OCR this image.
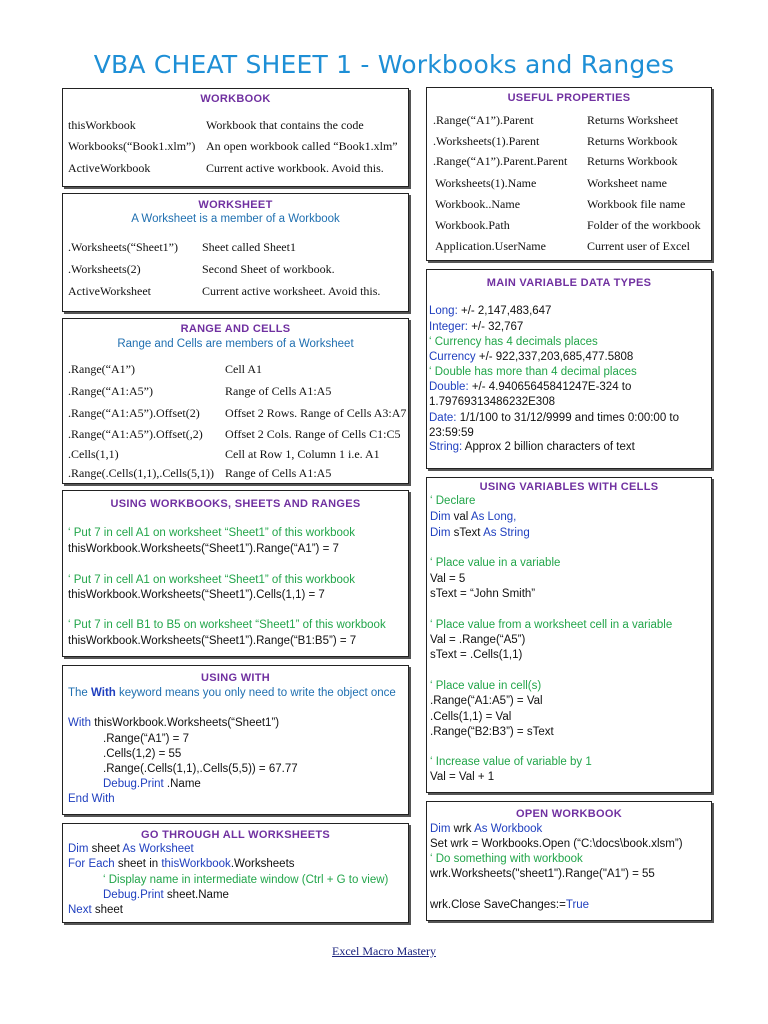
VBA CHEAT SHEET 1 - Workbooks and Ranges
WORKBOOK
thisWorkbook	Workbook that contains the code
Workbooks(“Book1.xlm”) An open workbook called “Book1.xlm”
ActiveWorkbook	Current active workbook. Avoid this.
WORKSHEET
A Worksheet is a member of a Workbook
.Worksheets(“Sheet1”) Sheet called Sheet1
.Worksheets(2)	Second Sheet of workbook.
ActiveWorksheet	Current active worksheet. Avoid this.
RANGE AND CELLS
Range and Cells are members of a Worksheet
.Range(“A1”)	Cell A1
.Range(“A1:A5”)	Range of Cells A1:A5
.Range(“A1:A5”).Offset(2) Offset 2 Rows. Range of Cells A3:A7
.Range(“A1:A5”).Offset(,2) Offset 2 Cols. Range of Cells C1:C5
.Cells(1,1)	Cell at Row 1, Column 1 i.e. A1
.Range(.Cells(1,1),.Cells(5,1)) Range of Cells A1:A5
USING WORKBOOKS, SHEETS AND RANGES
‘ Put 7 in cell A1 on worksheet “Sheet1” of this workbook
thisWorkbook.Worksheets(“Sheet1”).Range(“A1”) = 7
‘ Put 7 in cell A1 on worksheet “Sheet1” of this workbook
thisWorkbook.Worksheets(“Sheet1”).Cells(1,1) = 7
‘ Put 7 in cell B1 to B5 on worksheet “Sheet1” of this workbook
thisWorkbook.Worksheets(“Sheet1”).Range(“B1:B5”) = 7
USING WITH
The With keyword means you only need to write the object once
With thisWorkbook.Worksheets(“Sheet1”)
.Range(“A1”) = 7
.Cells(1,2) = 55
.Range(.Cells(1,1),.Cells(5,5)) = 67.77
Debug.Print .Name
End With
GO THROUGH ALL WORKSHEETS
Dim sheet As Worksheet
For Each sheet in thisWorkbook.Worksheets
‘ Display name in intermediate window (Ctrl + G to view)
Debug.Print sheet.Name
Next sheet
USEFUL PROPERTIES
.Range(“A1”).Parent	Returns Worksheet
.Worksheets(1).Parent	Returns Workbook
.Range(“A1”).Parent.Parent Returns Workbook
Worksheets(1).Name	Worksheet name
Workbook..Name	Workbook file name
Workbook.Path	Folder of the workbook
Application.UserName	Current user of Excel
MAIN VARIABLE DATA TYPES
Long: +/- 2,147,483,647
Integer: +/- 32,767
‘ Currency has 4 decimals places
Currency +/- 922,337,203,685,477.5808
‘ Double has more than 4 decimal places
Double: +/- 4.94065645841247E-324 to
1.79769313486232E308
Date: 1/1/100 to 31/12/9999 and times 0:00:00 to
23:59:59
String: Approx 2 billion characters of text
USING VARIABLES WITH CELLS
‘ Declare
Dim val As Long,
Dim sText As String
‘ Place value in a variable
Val = 5
sText = “John Smith”
‘ Place value from a worksheet cell in a variable
Val = .Range(“A5”)
sText = .Cells(1,1)
‘ Place value in cell(s)
.Range(“A1:A5”) = Val
.Cells(1,1) = Val
.Range(“B2:B3”) = sText
‘ Increase value of variable by 1
Val = Val + 1
OPEN WORKBOOK
Dim wrk As Workbook
Set wrk = Workbooks.Open (“C:\docs\book.xlsm”)
‘ Do something with workbook
wrk.Worksheets("sheet1").Range("A1") = 55
wrk.Close SaveChanges:=True
Excel Macro Mastery
